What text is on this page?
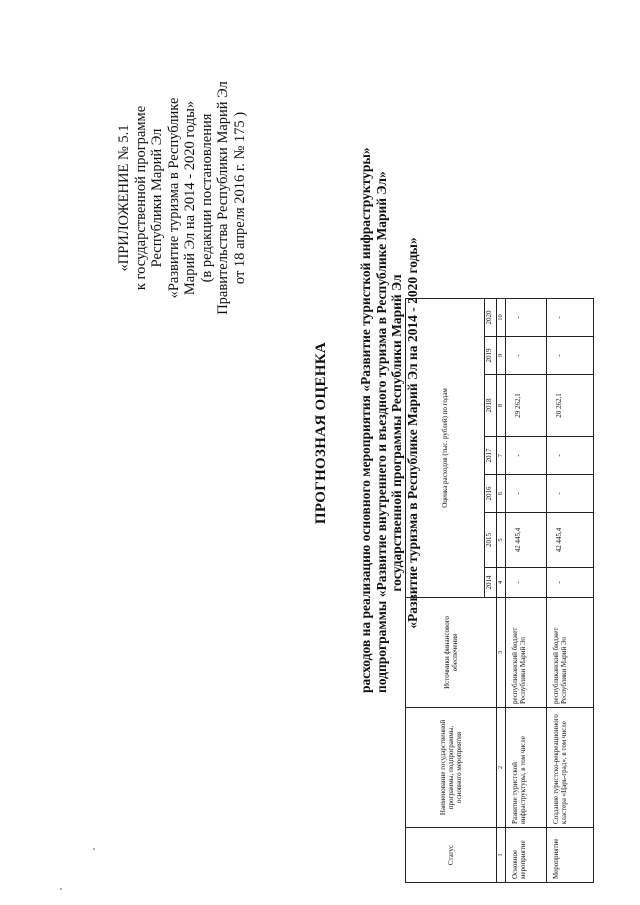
«ПРИЛОЖЕНИЕ № 5.1 к государственной программе Республики Марий Эл «Развитие туризма в Республике Марий Эл на 2014 - 2020 годы» (в редакции постановления Правительства Республики Марий Эл от 18 апреля 2016 г. № 175 )
ПРОГНОЗНАЯ ОЦЕНКА расходов на реализацию основного мероприятия «Развитие туристкой инфраструктуры» подпрограммы «Развитие внутреннего и въездного туризма в Республике Марий Эл» государственной программы Республики Марий Эл «Развитие туризма в Республике Марий Эл на 2014 - 2020 годы»
Статус	Наименование государственной программы, подпрограммы, основного мероприятия	Источники финансового обеспечения	Оценка расходов (тыс. рублей) по годам						
			2014	2015	2016	2017	2018	2019	2020
1	2	3	4	5	6	7	8	9	10
Основное мероприятие	Развитие туристской инфраструктуры, в том числе	республиканский бюджет Республики Марий Эл	-	42 445,4	-	-	29 262,1	-	-
Мероприятие	Создание туристско-рекреационного кластера «Царь-град», в том числе	республиканский бюджет Республики Марий Эл	-	42 445,4	-	-	20 262,1	-	-
